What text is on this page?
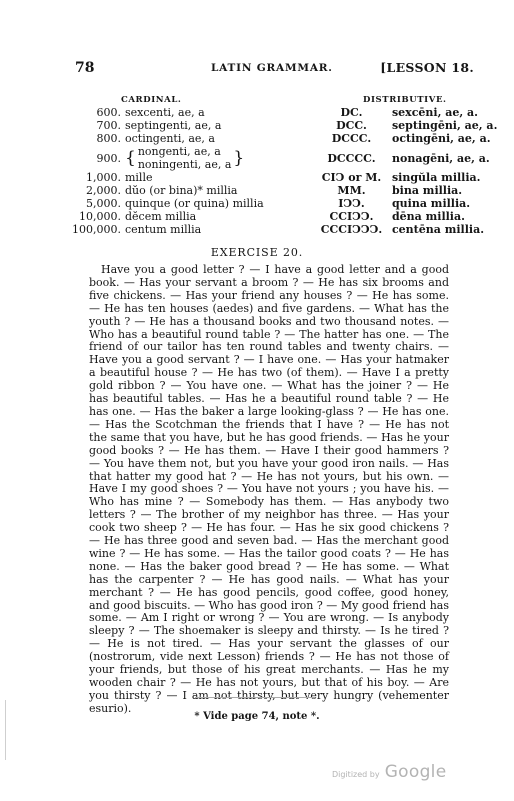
78	LATIN GRAMMAR.	[LESSON 18.
CARDINAL.	DISTRIBUTIVE.
600.	sexcenti, ae, a	DC.	sexcēni, ae, a.
700.	septingenti, ae, a	DCC.	septingēni, ae, a.
800.	octingenti, ae, a	DCCC.	octingēni, ae, a.
900.	{ nongenti, ae, a
noningenti, ae, a }	DCCCC.	nonagēni, ae, a.
1,000.	mille	CIↃ or M.	singŭla millia.
2,000.	dŭo (or bina)* millia	MM.	bina millia.
5,000.	quinque (or quina) millia	IↃↃ.	quina millia.
10,000.	dĕcem millia	CCIↃↃ.	dēna millia.
100,000.	centum millia	CCCIↃↃↃ.	centēna millia.
EXERCISE 20.

Have you a good letter ? — I have a good letter and a good book. — Has your servant a broom ? — He has six brooms and five chickens. — Has your friend any houses ? — He has some. — He has ten houses (aedes) and five gardens. — What has the youth ? — He has a thousand books and two thousand notes. — Who has a beautiful round table ? — The hatter has one. — The friend of our tailor has ten round tables and twenty chairs. — Have you a good servant ? — I have one. — Has your hatmaker a beautiful house ? — He has two (of them). — Have I a pretty gold ribbon ? — You have one. — What has the joiner ? — He has beautiful tables. — Has he a beautiful round table ? — He has one. — Has the baker a large looking-glass ? — He has one. — Has the Scotchman the friends that I have ? — He has not the same that you have, but he has good friends. — Has he your good books ? — He has them. — Have I their good hammers ? — You have them not, but you have your good iron nails. — Has that hatter my good hat ? — He has not yours, but his own. — Have I my good shoes ? — You have not yours ; you have his. — Who has mine ? — Somebody has them. — Has anybody two letters ? — The brother of my neighbor has three. — Has your cook two sheep ? — He has four. — Has he six good chickens ? — He has three good and seven bad. — Has the merchant good wine ? — He has some. — Has the tailor good coats ? — He has none. — Has the baker good bread ? — He has some. — What has the carpenter ? — He has good nails. — What has your merchant ? — He has good pencils, good coffee, good honey, and good biscuits. — Who has good iron ? — My good friend has some. — Am I right or wrong ? — You are wrong. — Is anybody sleepy ? — The shoemaker is sleepy and thirsty. — Is he tired ? — He is not tired. — Has your servant the glasses of our (nostrorum, vide next Lesson) friends ? — He has not those of your friends, but those of his great merchants. — Has he my wooden chair ? — He has not yours, but that of his boy. — Are you thirsty ? — I am not thirsty, but very hungry (vehementer esurio).

* Vide page 74, note *.
Digitized by Google
